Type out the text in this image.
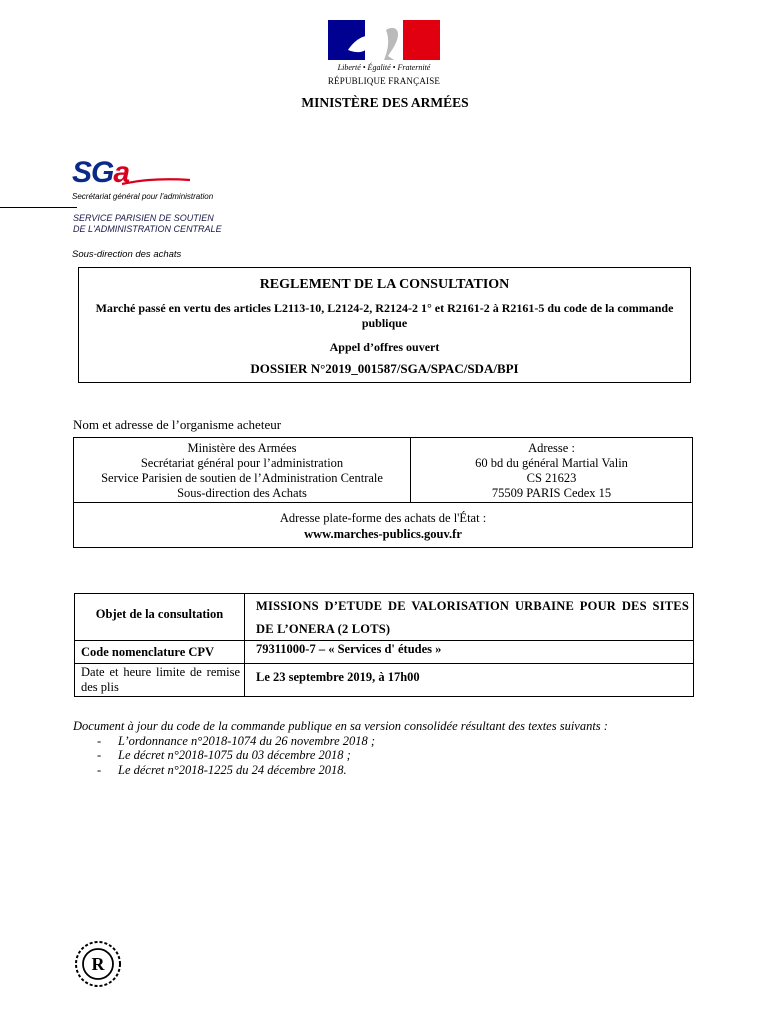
Liberté • Égalité • Fraternité
RÉPUBLIQUE FRANÇAISE
MINISTÈRE DES ARMÉES
SGa
Secrétariat général pour l'administration
SERVICE PARISIEN DE SOUTIEN
DE L'ADMINISTRATION CENTRALE
Sous-direction des achats
REGLEMENT DE LA CONSULTATION
Marché passé en vertu des articles L2113-10, L2124-2, R2124-2 1° et R2161-2 à R2161-5 du code de la commande publique
Appel d’offres ouvert
DOSSIER N°2019_001587/SGA/SPAC/SDA/BPI
Nom et adresse de l’organisme acheteur
Ministère des Armées
Secrétariat général pour l’administration
Service Parisien de soutien de l’Administration Centrale
Sous-direction des Achats
Adresse :
60 bd du général Martial Valin
CS 21623
75509 PARIS Cedex 15
Adresse plate-forme des achats de l'État :
www.marches-publics.gouv.fr
Objet de la consultation
MISSIONS D’ETUDE DE VALORISATION URBAINE POUR DES SITES DE L’ONERA (2 LOTS)
Code nomenclature CPV	79311000-7 – « Services d' études »
Date et heure limite de remise des plis
Le 23 septembre 2019, à 17h00
Document à jour du code de la commande publique en sa version consolidée résultant des textes suivants :
- L’ordonnance n°2018-1074 du 26 novembre 2018 ;
- Le décret n°2018-1075 du 03 décembre 2018 ;
- Le décret n°2018-1225 du 24 décembre 2018.
R
